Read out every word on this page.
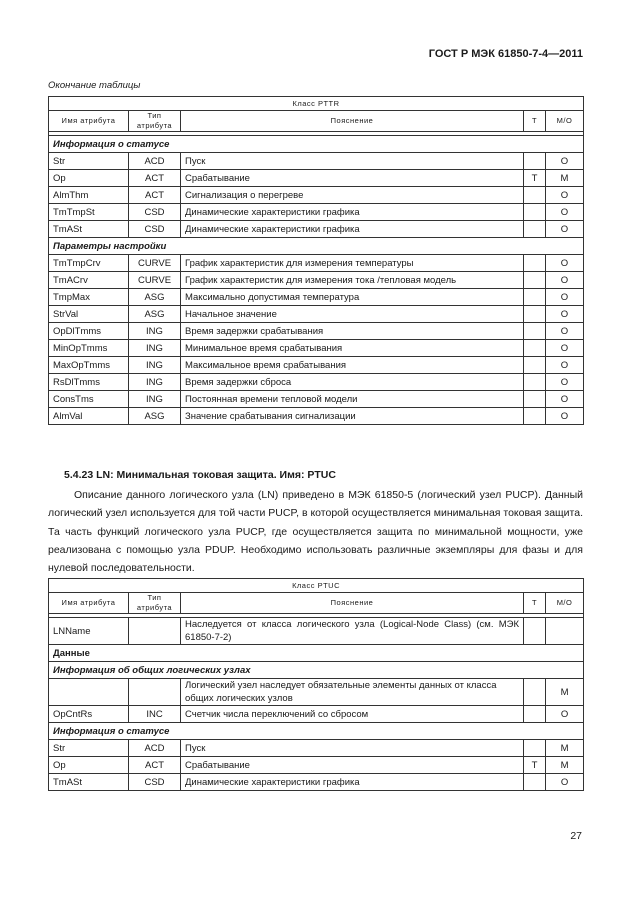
ГОСТ Р МЭК 61850-7-4—2011
Окончание таблицы
Класс PTTR				
Имя атрибута	Тип атрибута	Пояснение	T	M/O

Информация о статусе				
Str	ACD	Пуск		O
Op	ACT	Срабатывание	T	M
AlmThm	ACT	Сигнализация о перегреве		O
TmTmpSt	CSD	Динамические характеристики графика		O
TmASt	CSD	Динамические характеристики графика		O
Параметры настройки				
TmTmpCrv	CURVE	График характеристик для измерения температуры		O
TmACrv	CURVE	График характеристик для измерения тока /тепловая модель		O
TmpMax	ASG	Максимально допустимая температура		O
StrVal	ASG	Начальное значение		O
OpDlTmms	ING	Время задержки срабатывания		O
MinOpTmms	ING	Минимальное время срабатывания		O
MaxOpTmms	ING	Максимальное время срабатывания		O
RsDlTmms	ING	Время задержки сброса		O
ConsTms	ING	Постоянная времени тепловой модели		O
AlmVal	ASG	Значение срабатывания сигнализации		O
5.4.23 LN: Минимальная токовая защита. Имя: PTUC

Описание данного логического узла (LN) приведено в МЭК 61850-5 (логический узел PUCP). Данный логический узел используется для той части PUCP, в которой осуществляется минимальная токовая защита. Та часть функций логического узла PUCP, где осуществляется защита по минимальной мощности, уже реализована с помощью узла PDUP. Необходимо использовать различные экземпляры для фазы и для нулевой последовательности.

Класс PTUC				
Имя атрибута	Тип атрибута	Пояснение	T	M/O

LNName		Наследуется от класса логического узла (Logical-Node Class) (см. МЭК 61850-7-2)		
Данные				
Информация об общих логических узлах				
		Логический узел наследует обязательные элементы данных от класса общих логических узлов		M
OpCntRs	INC	Счетчик числа переключений со сбросом		O
Информация о статусе				
Str	ACD	Пуск		M
Op	ACT	Срабатывание	T	M
TmASt	CSD	Динамические характеристики графика		O
27
